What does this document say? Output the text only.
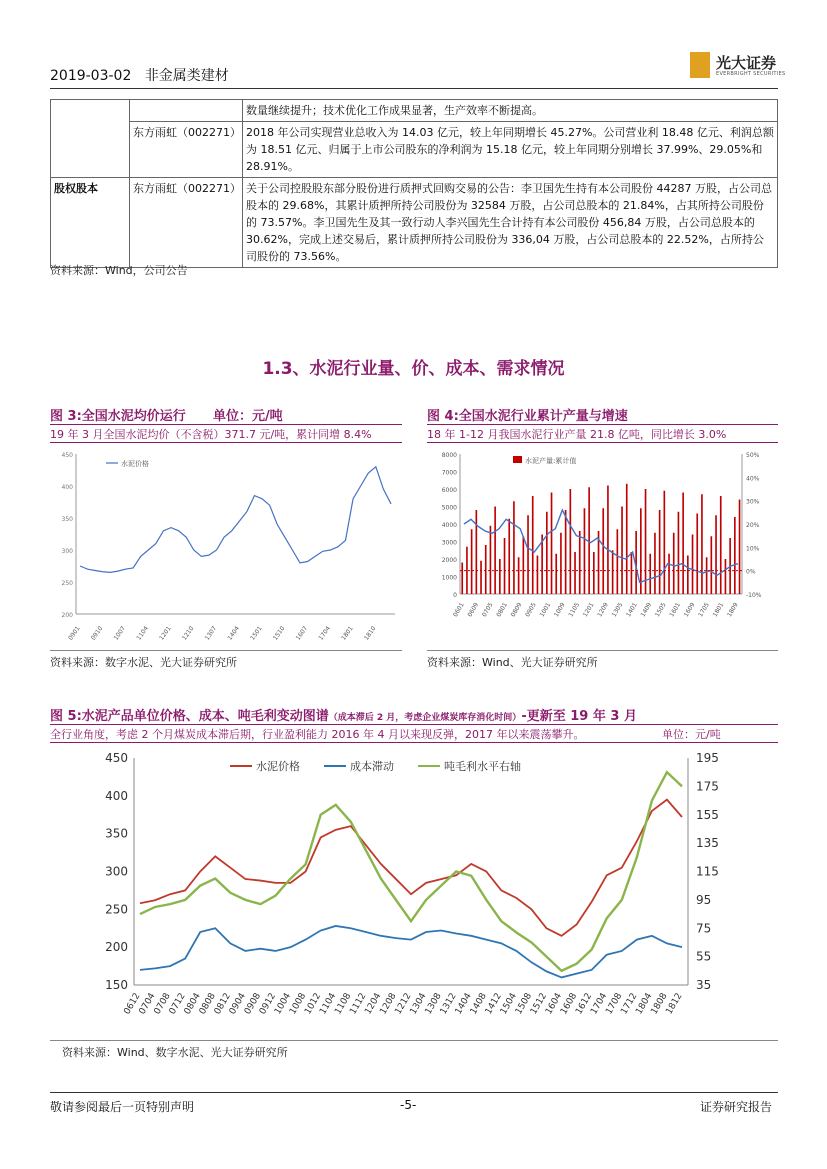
2019-03-02 非金属类建材
光大证券
EVERBRIGHT SECURITIES
		数量继续提升；技术优化工作成果显著，生产效率不断提高。
	东方雨虹（002271）	2018 年公司实现营业总收入为 14.03 亿元，较上年同期增长 45.27%。公司营业利 18.48 亿元、利润总额为 18.51 亿元、归属于上市公司股东的净利润为 15.18 亿元，较上年同期分别增长 37.99%、29.05%和 28.91%。
股权股本	东方雨虹（002271）	关于公司控股股东部分股份进行质押式回购交易的公告：李卫国先生持有本公司股份 44287 万股，占公司总股本的 29.68%，其累计质押所持公司股份为 32584 万股，占公司总股本的 21.84%，占其所持公司股份的 73.57%。李卫国先生及其一致行动人李兴国先生合计持有本公司股份 456,84 万股，占公司总股本的 30.62%，完成上述交易后，累计质押所持公司股份为 336,04 万股，占公司总股本的 22.52%，占所持公司股份的 73.56%。
资料来源：Wind，公司公告
1.3、水泥行业量、价、成本、需求情况
图 3:全国水泥均价运行 单位：元/吨
19 年 3 月全国水泥均价（不含税）371.7 元/吨，累计同增 8.4%
200
250
300
350
400
450
0901 0910 1007 1104 1201 1210 1307 1404 1501 1510 1607 1704 1801 1810
水泥价格
资料来源：数字水泥、光大证券研究所
图 4:全国水泥行业累计产量与增速
18 年 1-12 月我国水泥行业产量 21.8 亿吨，同比增长 3.0%
0
1000
2000
3000
4000
5000
6000
7000
8000
-10%
0%
10%
20%
30%
40%
50%
水泥产量:累计值
0601 0609 0705 0801 0809 0905 1001 1009 1105 1201 1209 1305 1401 1409 1505 1601 1609 1705 1801 1809
资料来源：Wind、光大证券研究所
图 5:水泥产品单位价格、成本、吨毛利变动图谱（成本滞后 2 月，考虑企业煤炭库存消化时间）-更新至 19 年 3 月
全行业角度，考虑 2 个月煤炭成本滞后期，行业盈利能力 2016 年 4 月以来现反弹，2017 年以来震荡攀升。	单位：元/吨
150
200
250
300
350
400
450
35
55
75
95
115
135
155
175
195
0612
0704
0708
0712
0804
0808
0812
0904
0908
0912
1004
1008
1012
1104
1108
1112
1204
1208
1212
1304
1308
1312
1404
1408
1412
1504
1508
1512
1604
1608
1612
1704
1708
1712
1804
1808
1812
水泥价格	成本滞动	吨毛利水平右轴
资料来源：Wind、数字水泥、光大证券研究所
敬请参阅最后一页特别声明	-5-	证券研究报告
